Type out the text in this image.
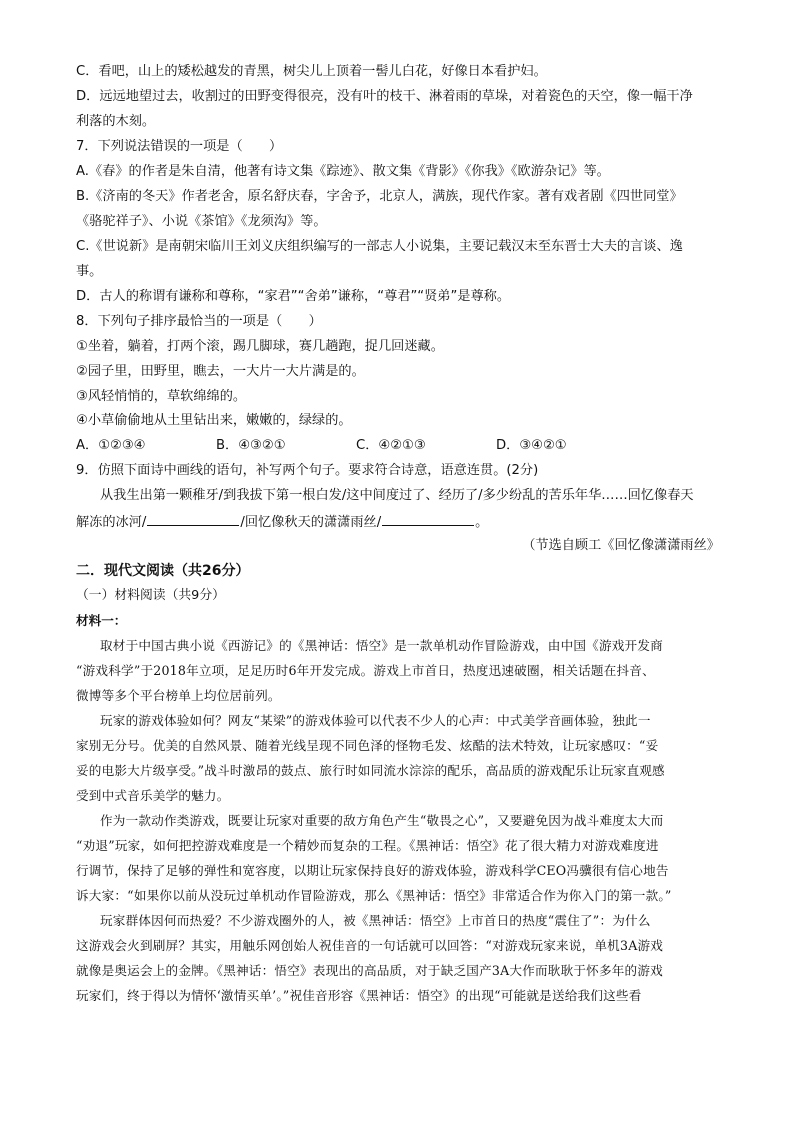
C．看吧，山上的矮松越发的青黑，树尖儿上顶着一髻儿白花，好像日本看护妇。
D．远远地望过去，收割过的田野变得很亮，没有叶的枝干、淋着雨的草垛，对着瓷色的天空，像一幅干净
利落的木刻。
7．下列说法错误的一项是（　　）
A.《春》的作者是朱自清，他著有诗文集《踪迹》、散文集《背影》《你我》《欧游杂记》等。
B.《济南的冬天》作者老舍，原名舒庆春，字舍予，北京人，满族，现代作家。著有戏者剧《四世同堂》
《骆驼祥子》、小说《茶馆》《龙须沟》等。
C.《世说新》是南朝宋临川王刘义庆组织编写的一部志人小说集，主要记载汉末至东晋士大夫的言谈、逸
事。
D．古人的称谓有谦称和尊称，“家君”“舍弟”谦称，“尊君”“贤弟”是尊称。
8．下列句子排序最恰当的一项是（　　）
①坐着，躺着，打两个滚，踢几脚球，赛几趟跑，捉几回迷藏。
②园子里，田野里，瞧去，一大片一大片满是的。
③风轻悄悄的，草软绵绵的。
④小草偷偷地从土里钻出来，嫩嫩的，绿绿的。
A．①②③④	B．④③②①	C．④②①③	D．③④②①
9．仿照下面诗中画线的语句，补写两个句子。要求符合诗意，语意连贯。(2分)
从我生出第一颗稚牙/到我拔下第一根白发/这中间度过了、经历了/多少纷乱的苦乐年华……回忆像春天
解冻的冰河/	/回忆像秋天的潇潇雨丝/	。
（节选自顾工《回忆像潇潇雨丝》
二．现代文阅读（共26分）
（一）材料阅读（共9分）
材料一：
取材于中国古典小说《西游记》的《黑神话：悟空》是一款单机动作冒险游戏，由中国《游戏开发商
“游戏科学”于2018年立项，足足历时6年开发完成。游戏上市首日，热度迅速破圈，相关话题在抖音、
微博等多个平台榜单上均位居前列。
玩家的游戏体验如何？网友“某梁”的游戏体验可以代表不少人的心声：中式美学音画体验，独此一
家别无分号。优美的自然风景、随着光线呈现不同色泽的怪物毛发、炫酷的法术特效，让玩家感叹：“妥
妥的电影大片级享受。”战斗时激昂的鼓点、旅行时如同流水淙淙的配乐，高品质的游戏配乐让玩家直观感
受到中式音乐美学的魅力。
作为一款动作类游戏，既要让玩家对重要的敌方角色产生“敬畏之心”，又要避免因为战斗难度太大而
“劝退”玩家，如何把控游戏难度是一个精妙而复杂的工程。《黑神话：悟空》花了很大精力对游戏难度进
行调节，保持了足够的弹性和宽容度，以期让玩家保持良好的游戏体验，游戏科学CEO冯骥很有信心地告
诉大家：“如果你以前从没玩过单机动作冒险游戏，那么《黑神话：悟空》非常适合作为你入门的第一款。”
玩家群体因何而热爱？不少游戏圈外的人，被《黑神话：悟空》上市首日的热度“震住了”：为什么
这游戏会火到刷屏？其实，用触乐网创始人祝佳音的一句话就可以回答：“对游戏玩家来说，单机3A游戏
就像是奥运会上的金牌。《黑神话：悟空》表现出的高品质，对于缺乏国产3A大作而耿耿于怀多年的游戏
玩家们，终于得以为情怀‘激情买单’。”祝佳音形容《黑神话：悟空》的出现“可能就是送给我们这些看
